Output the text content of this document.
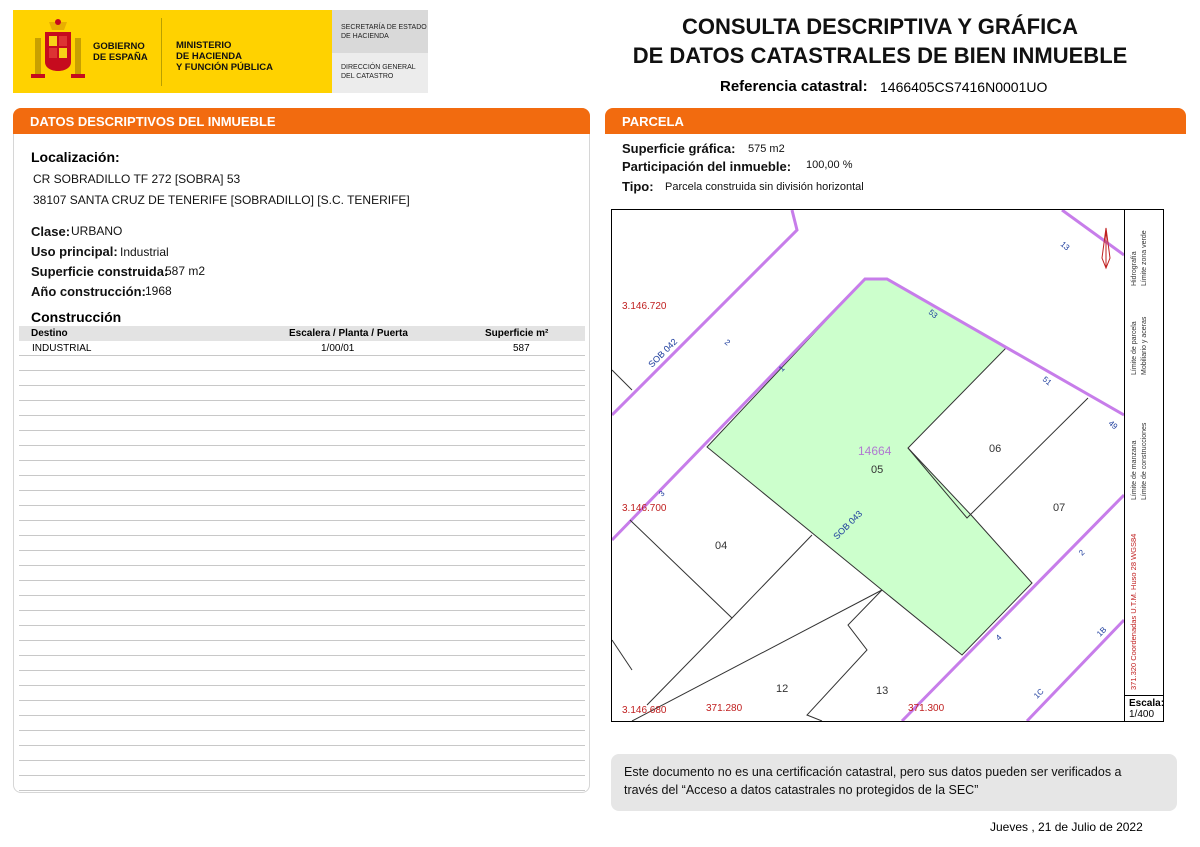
GOBIERNO
DE ESPAÑA
MINISTERIO
DE HACIENDA
Y FUNCIÓN PÚBLICA
SECRETARÍA DE ESTADO
DE HACIENDA
DIRECCIÓN GENERAL
DEL CATASTRO
CONSULTA DESCRIPTIVA Y GRÁFICA
DE DATOS CATASTRALES DE BIEN INMUEBLE
Referencia catastral: 1466405CS7416N0001UO
DATOS DESCRIPTIVOS DEL INMUEBLE
Localización:
CR SOBRADILLO TF 272 [SOBRA] 53
38107 SANTA CRUZ DE TENERIFE [SOBRADILLO] [S.C. TENERIFE]
Clase: URBANO
Uso principal: Industrial
Superficie construida:
587 m2
Año construcción: 1968
Construcción
Destino	Escalera / Planta / Puerta	Superficie m²
INDUSTRIAL	1/00/01	587
PARCELA
Superficie gráfica: 575 m2
Participación del inmueble: 100,00 %
Tipo: Parcela construida sin división horizontal
3.146.720
3.146.700
3.146.680	371.280	371.300
14664
05
06
07
04
12	13
SOB 042
SOB 043
13
53
51
49
2
1
3
2
4	1B
1C
371.320 Coordenadas U.T.M. Huso 28 WGS84
Límite de manzana
Límite de parcela
Hidrografía
Límite de construcciones
Mobiliario y aceras
Límite zona verde
Escala:
1/400
Este documento no es una certificación catastral, pero sus datos pueden ser verificados a
través del “Acceso a datos catastrales no protegidos de la SEC”
Jueves , 21 de Julio de 2022
